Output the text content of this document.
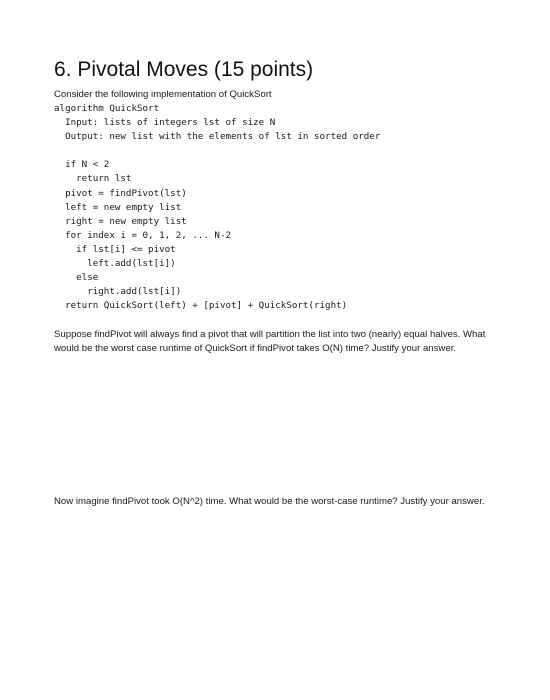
6. Pivotal Moves (15 points)

Consider the following implementation of QuickSort

algorithm QuickSort
Input: lists of integers lst of size N
Output: new list with the elements of lst in sorted order
if N < 2
return lst
pivot = findPivot(lst)
left = new empty list
right = new empty list
for index i = 0, 1, 2, ... N-2
if lst[i] <= pivot
left.add(lst[i])
else
right.add(lst[i])
return QuickSort(left) + [pivot] + QuickSort(right)

Suppose findPivot will always find a pivot that will partition the list into two (nearly) equal halves. What would be the worst case runtime of QuickSort if findPivot takes O(N) time? Justify your answer.

Now imagine findPivot took O(N^2) time. What would be the worst-case runtime? Justify your answer.
